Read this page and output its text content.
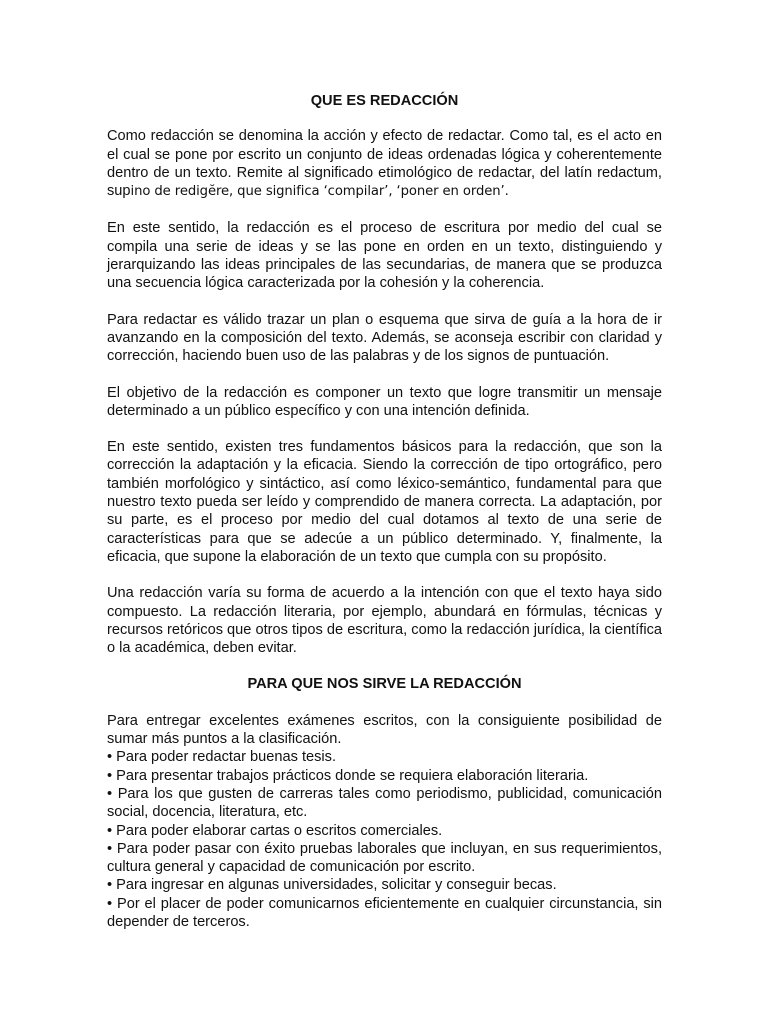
QUE ES REDACCIÓN

Como redacción se denomina la acción y efecto de redactar. Como tal, es el acto en el cual se pone por escrito un conjunto de ideas ordenadas lógica y coherentemente dentro de un texto. Remite al significado etimológico de redactar, del latín redactum, supino de redigĕre, que significa ‘compilar’, ‘poner en orden’.

En este sentido, la redacción es el proceso de escritura por medio del cual se compila una serie de ideas y se las pone en orden en un texto, distinguiendo y jerarquizando las ideas principales de las secundarias, de manera que se produzca una secuencia lógica caracterizada por la cohesión y la coherencia.

Para redactar es válido trazar un plan o esquema que sirva de guía a la hora de ir avanzando en la composición del texto. Además, se aconseja escribir con claridad y corrección, haciendo buen uso de las palabras y de los signos de puntuación.

El objetivo de la redacción es componer un texto que logre transmitir un mensaje determinado a un público específico y con una intención definida.

En este sentido, existen tres fundamentos básicos para la redacción, que son la corrección la adaptación y la eficacia. Siendo la corrección de tipo ortográfico, pero también morfológico y sintáctico, así como léxico-semántico, fundamental para que nuestro texto pueda ser leído y comprendido de manera correcta. La adaptación, por su parte, es el proceso por medio del cual dotamos al texto de una serie de características para que se adecúe a un público determinado. Y, finalmente, la eficacia, que supone la elaboración de un texto que cumpla con su propósito.

Una redacción varía su forma de acuerdo a la intención con que el texto haya sido compuesto. La redacción literaria, por ejemplo, abundará en fórmulas, técnicas y recursos retóricos que otros tipos de escritura, como la redacción jurídica, la científica o la académica, deben evitar.

PARA QUE NOS SIRVE LA REDACCIÓN

Para entregar excelentes exámenes escritos, con la consiguiente posibilidad de sumar más puntos a la clasificación.

• Para poder redactar buenas tesis.

• Para presentar trabajos prácticos donde se requiera elaboración literaria.

• Para los que gusten de carreras tales como periodismo, publicidad, comunicación social, docencia, literatura, etc.

• Para poder elaborar cartas o escritos comerciales.

• Para poder pasar con éxito pruebas laborales que incluyan, en sus requerimientos, cultura general y capacidad de comunicación por escrito.

• Para ingresar en algunas universidades, solicitar y conseguir becas.

• Por el placer de poder comunicarnos eficientemente en cualquier circunstancia, sin depender de terceros.
